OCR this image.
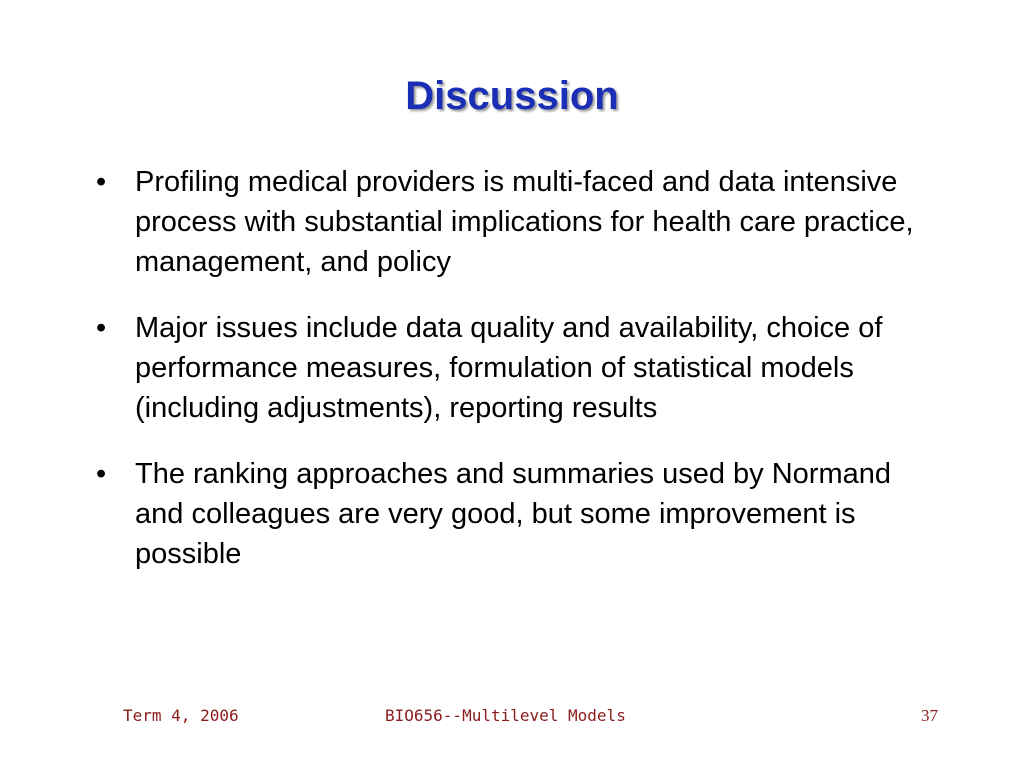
Discussion
• Profiling medical providers is multi-faced and data intensive process with substantial implications for health care practice, management, and policy
• Major issues include data quality and availability, choice of performance measures, formulation of statistical models (including adjustments), reporting results
• The ranking approaches and summaries used by Normand and colleagues are very good, but some improvement is possible
Term 4, 2006	BIO656--Multilevel Models	37
